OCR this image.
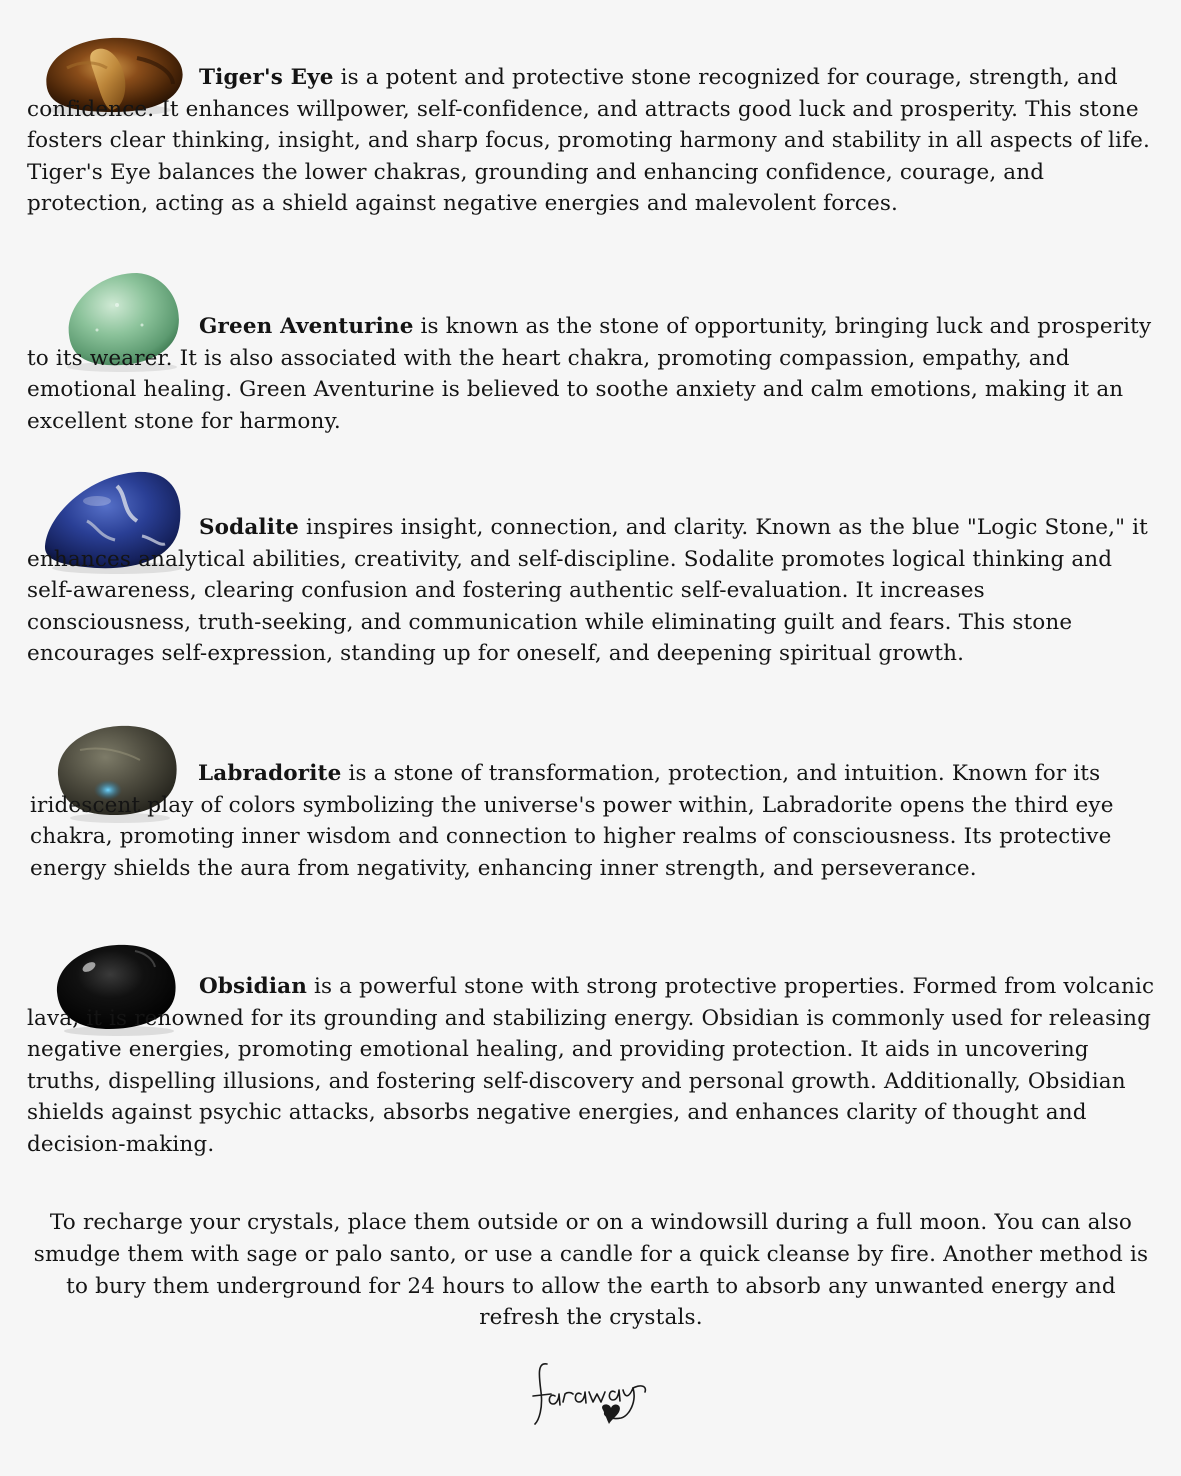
Tiger's Eye is a potent and protective stone recognized for courage, strength, and confidence. It enhances willpower, self-confidence, and attracts good luck and prosperity. This stone fosters clear thinking, insight, and sharp focus, promoting harmony and stability in all aspects of life. Tiger's Eye balances the lower chakras, grounding and enhancing confidence, courage, and protection, acting as a shield against negative energies and malevolent forces.
Green Aventurine is known as the stone of opportunity, bringing luck and prosperity to its wearer. It is also associated with the heart chakra, promoting compassion, empathy, and emotional healing. Green Aventurine is believed to soothe anxiety and calm emotions, making it an excellent stone for harmony.
Sodalite inspires insight, connection, and clarity. Known as the blue "Logic Stone," it enhances analytical abilities, creativity, and self-discipline. Sodalite promotes logical thinking and self-awareness, clearing confusion and fostering authentic self-evaluation. It increases consciousness, truth-seeking, and communication while eliminating guilt and fears. This stone encourages self-expression, standing up for oneself, and deepening spiritual growth.
Labradorite is a stone of transformation, protection, and intuition. Known for its iridescent play of colors symbolizing the universe's power within, Labradorite opens the third eye chakra, promoting inner wisdom and connection to higher realms of consciousness. Its protective energy shields the aura from negativity, enhancing inner strength, and perseverance.
Obsidian is a powerful stone with strong protective properties. Formed from volcanic lava, it is renowned for its grounding and stabilizing energy. Obsidian is commonly used for releasing negative energies, promoting emotional healing, and providing protection. It aids in uncovering truths, dispelling illusions, and fostering self-discovery and personal growth. Additionally, Obsidian shields against psychic attacks, absorbs negative energies, and enhances clarity of thought and decision-making.
To recharge your crystals, place them outside or on a windowsill during a full moon. You can also smudge them with sage or palo santo, or use a candle for a quick cleanse by fire. Another method is to bury them underground for 24 hours to allow the earth to absorb any unwanted energy and refresh the crystals.
